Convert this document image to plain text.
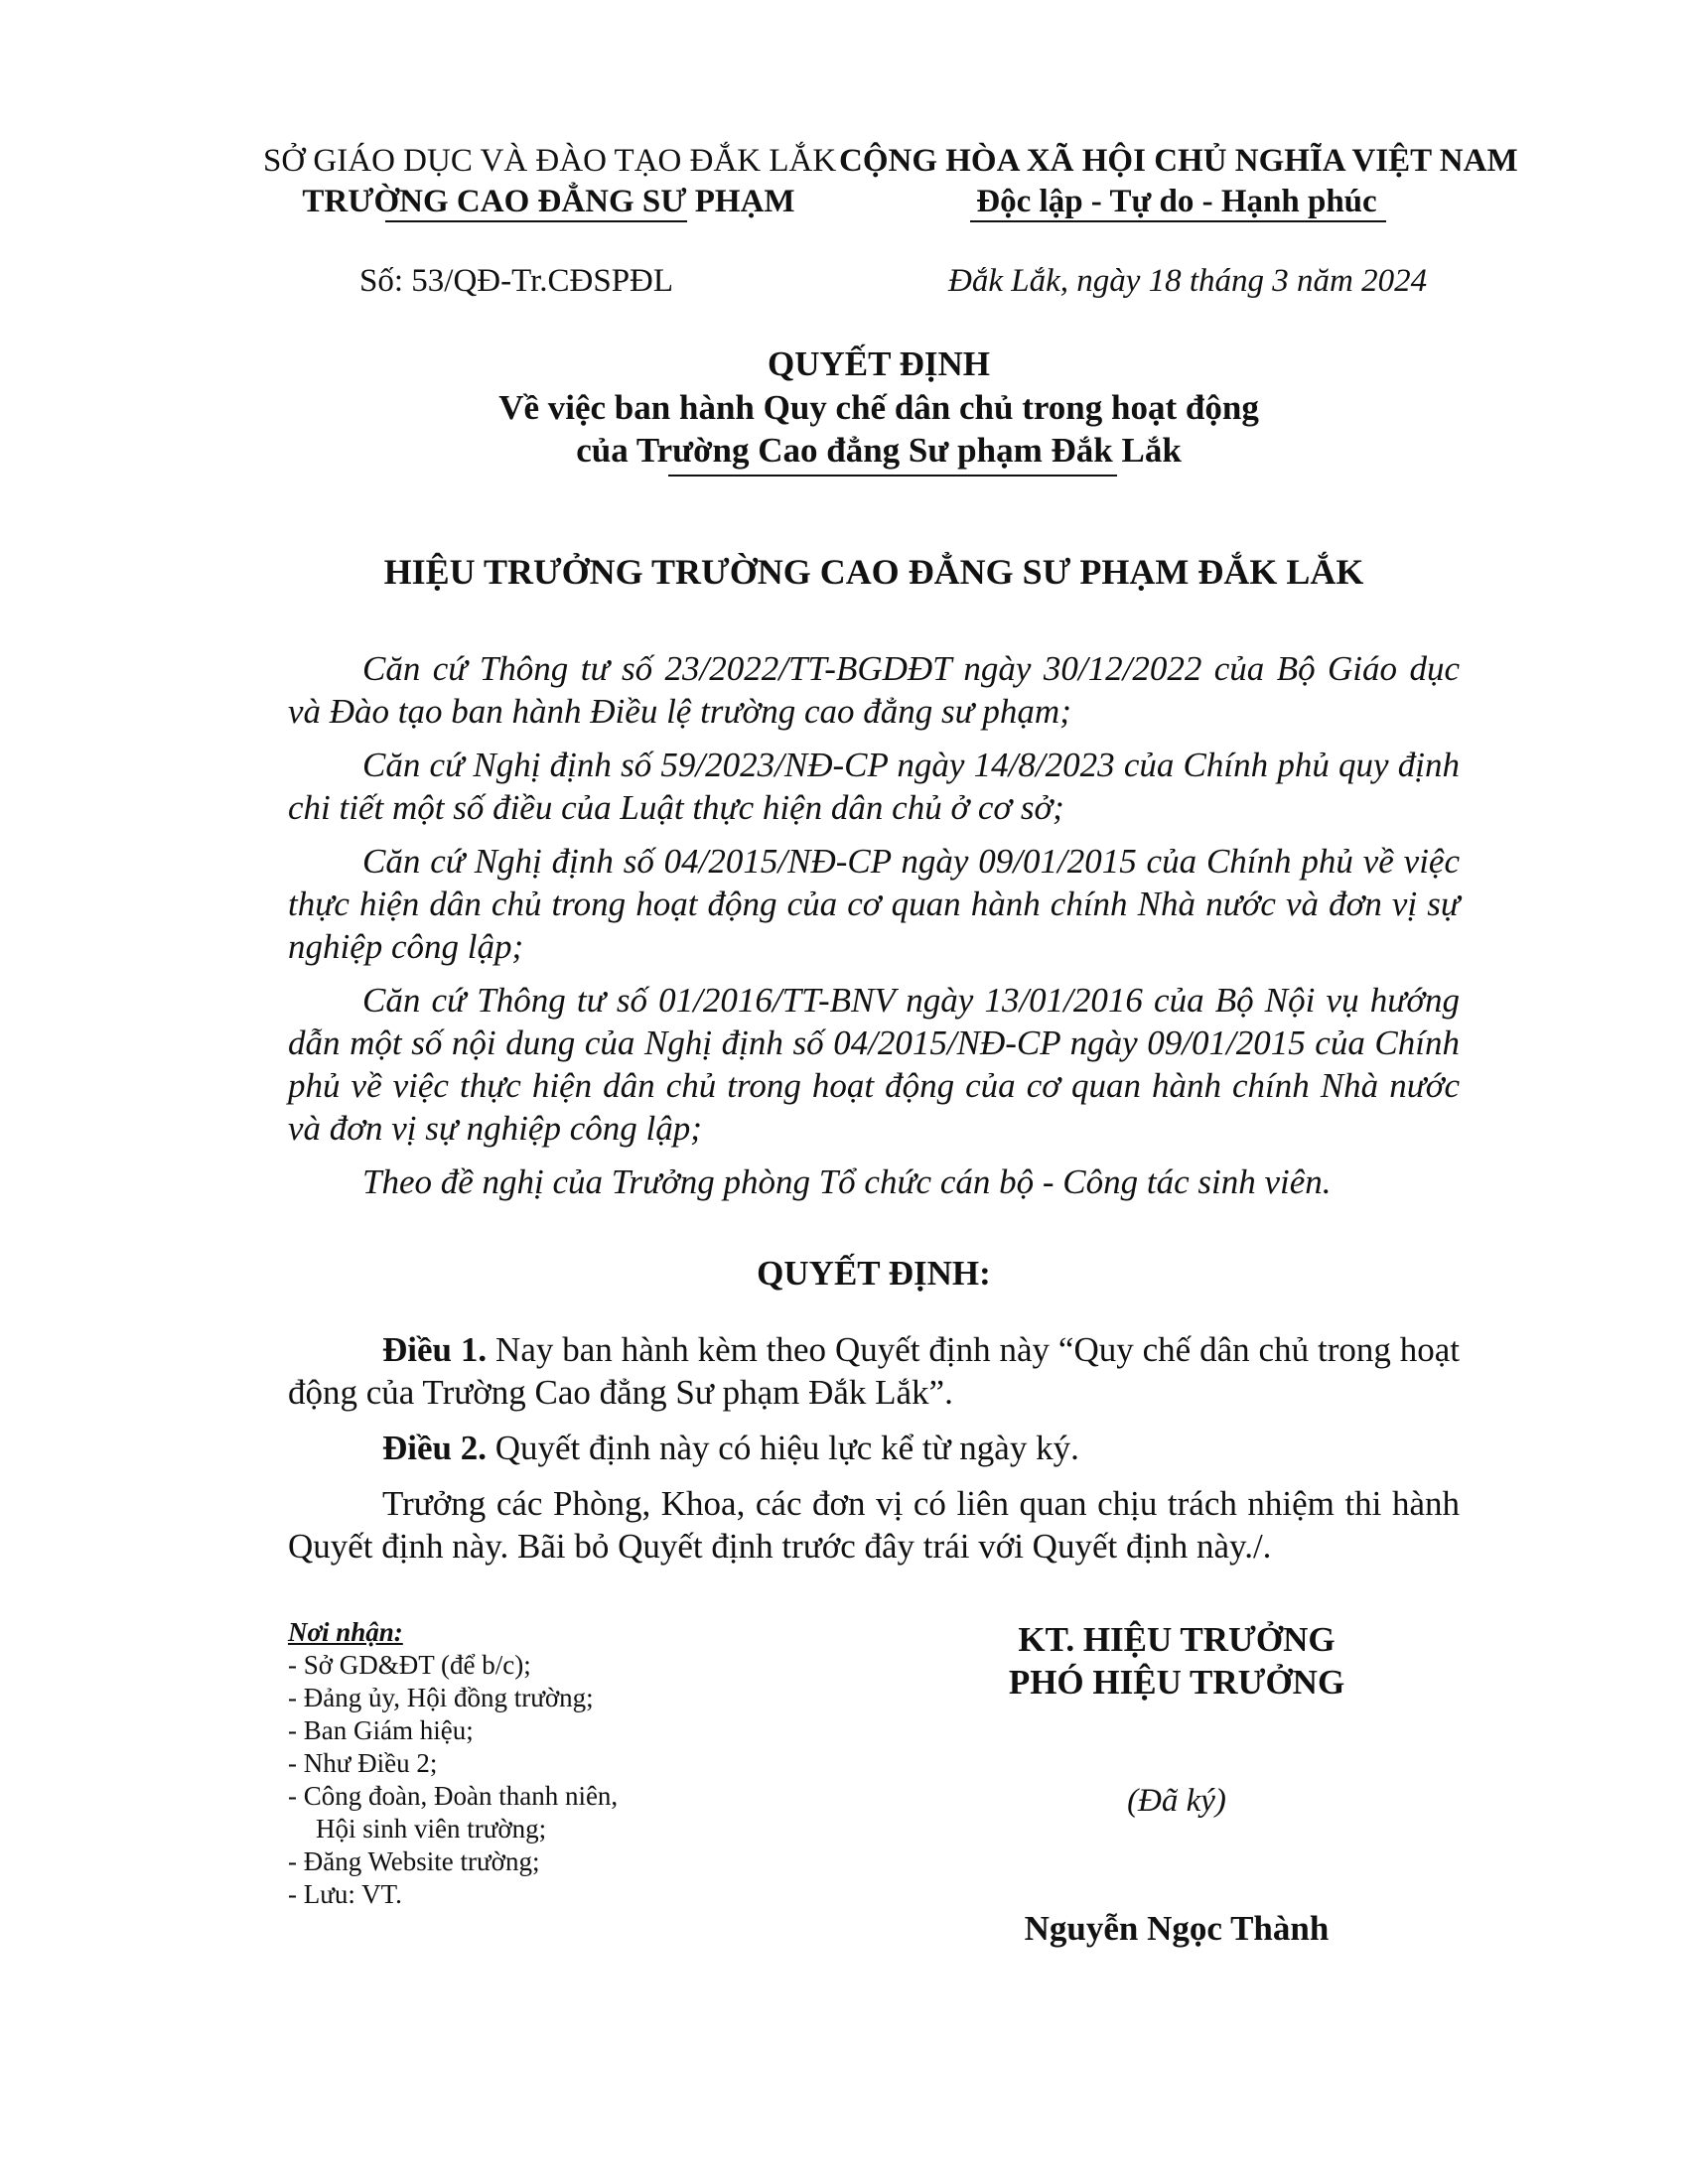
SỞ GIÁO DỤC VÀ ĐÀO TẠO ĐẮK LẮK
TRƯỜNG CAO ĐẲNG SƯ PHẠM
CỘNG HÒA XÃ HỘI CHỦ NGHĨA VIỆT NAM
Độc lập - Tự do - Hạnh phúc
Số: 53/QĐ-Tr.CĐSPĐL	Đắk Lắk, ngày 18 tháng 3 năm 2024
QUYẾT ĐỊNH
Về việc ban hành Quy chế dân chủ trong hoạt động
của Trường Cao đẳng Sư phạm Đắk Lắk
HIỆU TRƯỞNG TRƯỜNG CAO ĐẲNG SƯ PHẠM ĐẮK LẮK

Căn cứ Thông tư số 23/2022/TT-BGDĐT ngày 30/12/2022 của Bộ Giáo dục và Đào tạo ban hành Điều lệ trường cao đẳng sư phạm;

Căn cứ Nghị định số 59/2023/NĐ-CP ngày 14/8/2023 của Chính phủ quy định chi tiết một số điều của Luật thực hiện dân chủ ở cơ sở;

Căn cứ Nghị định số 04/2015/NĐ-CP ngày 09/01/2015 của Chính phủ về việc thực hiện dân chủ trong hoạt động của cơ quan hành chính Nhà nước và đơn vị sự nghiệp công lập;

Căn cứ Thông tư số 01/2016/TT-BNV ngày 13/01/2016 của Bộ Nội vụ hướng dẫn một số nội dung của Nghị định số 04/2015/NĐ-CP ngày 09/01/2015 của Chính phủ về việc thực hiện dân chủ trong hoạt động của cơ quan hành chính Nhà nước và đơn vị sự nghiệp công lập;

Theo đề nghị của Trưởng phòng Tổ chức cán bộ - Công tác sinh viên.

QUYẾT ĐỊNH:

Điều 1. Nay ban hành kèm theo Quyết định này “Quy chế dân chủ trong hoạt động của Trường Cao đẳng Sư phạm Đắk Lắk”.

Điều 2. Quyết định này có hiệu lực kể từ ngày ký.

Trưởng các Phòng, Khoa, các đơn vị có liên quan chịu trách nhiệm thi hành Quyết định này. Bãi bỏ Quyết định trước đây trái với Quyết định này./.

Nơi nhận:
- Sở GD&ĐT (để b/c);
- Đảng ủy, Hội đồng trường;
- Ban Giám hiệu;
- Như Điều 2;
- Công đoàn, Đoàn thanh niên,
Hội sinh viên trường;
- Đăng Website trường;
- Lưu: VT.
KT. HIỆU TRƯỞNG
PHÓ HIỆU TRƯỞNG
(Đã ký)
Nguyễn Ngọc Thành
